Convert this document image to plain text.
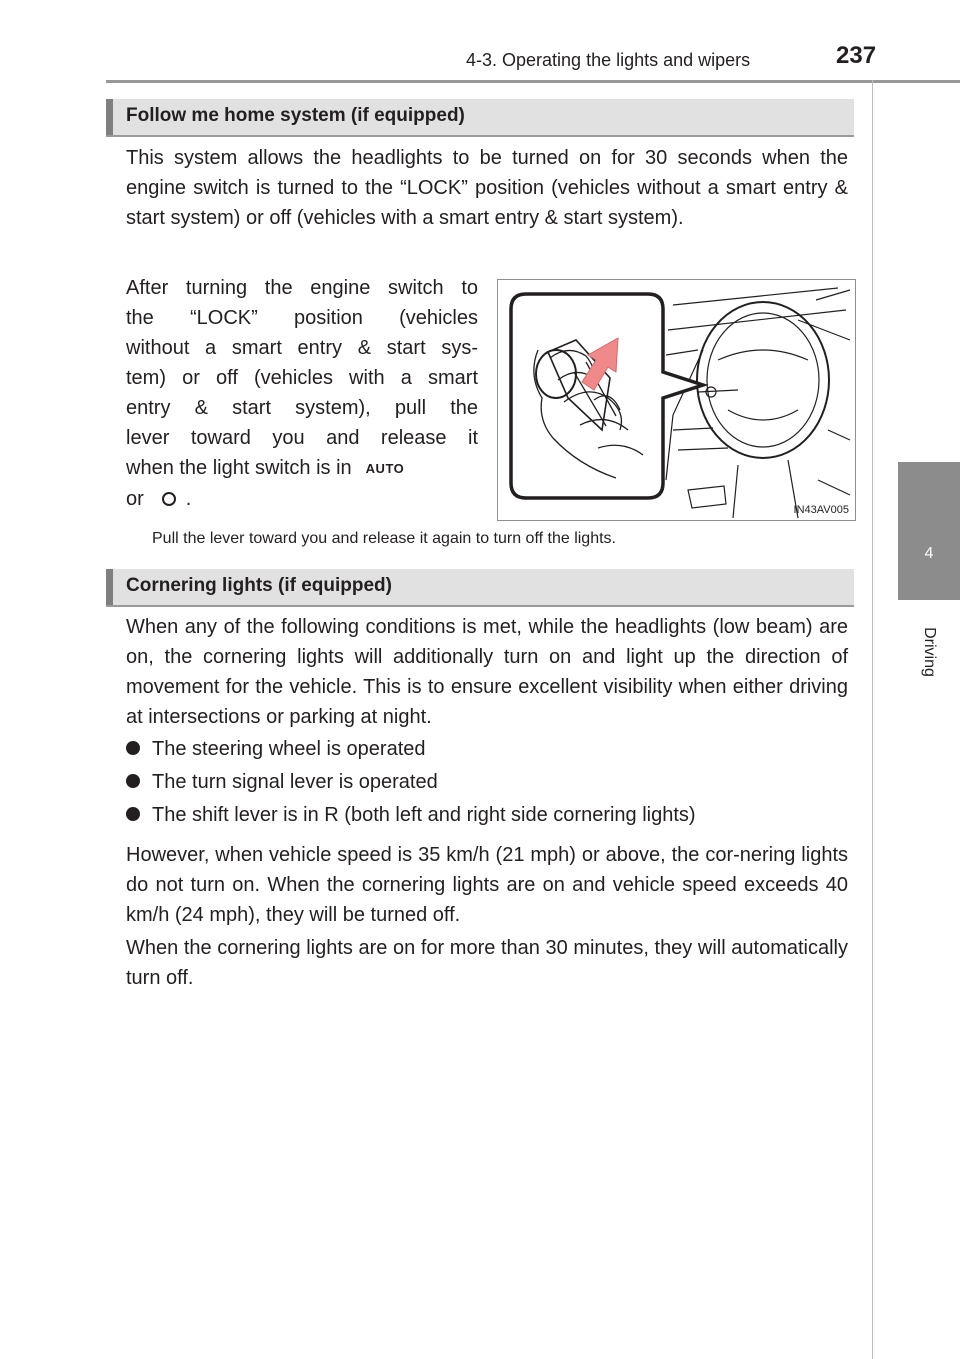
4-3. Operating the lights and wipers	237
4
Driving
Follow me home system (if equipped)

This system allows the headlights to be turned on for 30 seconds when the engine switch is turned to the “LOCK” position (vehicles without a smart entry & start system) or off (vehicles with a smart entry & start system).

After turning the engine switch to

the “LOCK” position (vehicles

without a smart entry & start sys-

tem) or off (vehicles with a smart

entry & start system), pull the

lever toward you and release it

when the light switch is in AUTO

or .

IN43AV005

Pull the lever toward you and release it again to turn off the lights.

Cornering lights (if equipped)

When any of the following conditions is met, while the headlights (low beam) are on, the cornering lights will additionally turn on and light up the direction of movement for the vehicle. This is to ensure excellent visibility when either driving at intersections or parking at night.

The steering wheel is operated

The turn signal lever is operated

The shift lever is in R (both left and right side cornering lights)

However, when vehicle speed is 35 km/h (21 mph) or above, the cor-nering lights do not turn on. When the cornering lights are on and vehicle speed exceeds 40 km/h (24 mph), they will be turned off.

When the cornering lights are on for more than 30 minutes, they will automatically turn off.
